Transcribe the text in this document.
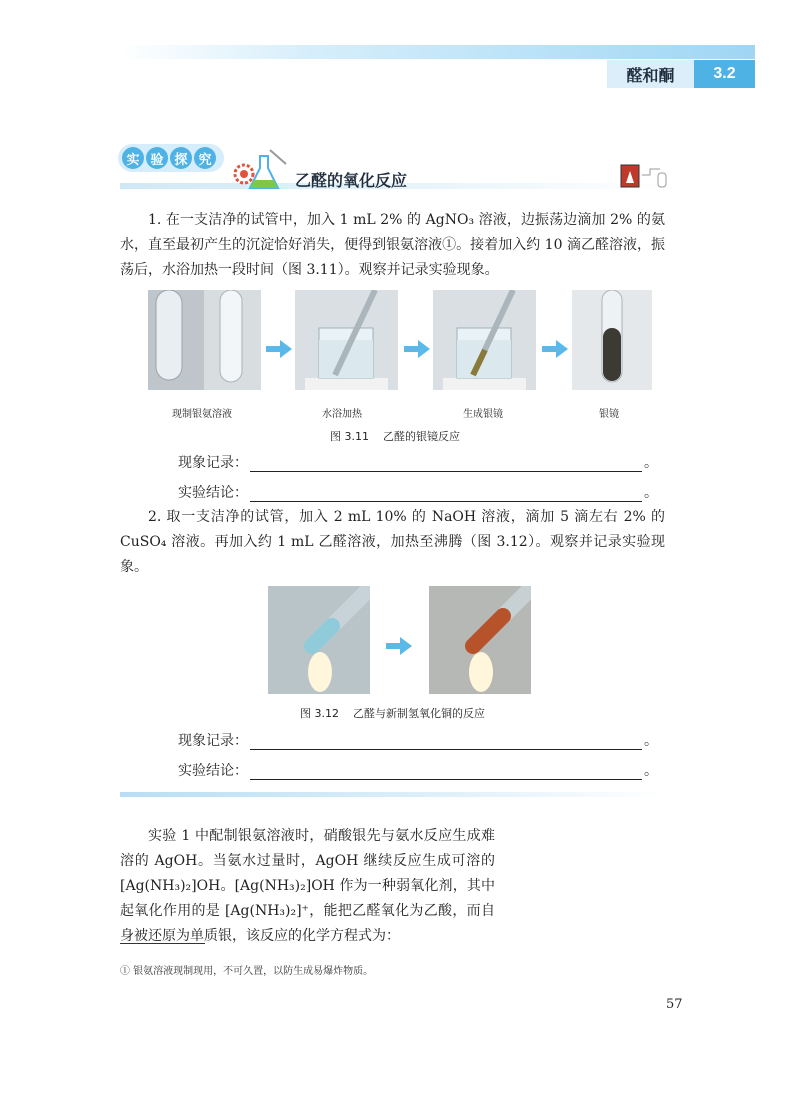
醛和酮	3.2
实 验 探 究
乙醛的氧化反应
1. 在一支洁净的试管中，加入 1 mL 2% 的 AgNO₃ 溶液，边振荡边滴加 2% 的氨水，直至最初产生的沉淀恰好消失，便得到银氨溶液①。接着加入约 10 滴乙醛溶液，振荡后，水浴加热一段时间（图 3.11）。观察并记录实验现象。
现制银氨溶液	水浴加热	生成银镜	银镜
图 3.11    乙醛的银镜反应
现象记录：	。
实验结论：	。
2. 取一支洁净的试管，加入 2 mL 10% 的 NaOH 溶液，滴加 5 滴左右 2% 的 CuSO₄ 溶液。再加入约 1 mL 乙醛溶液，加热至沸腾（图 3.12）。观察并记录实验现象。
图 3.12    乙醛与新制氢氧化铜的反应
现象记录：	。
实验结论：	。
实验 1 中配制银氨溶液时，硝酸银先与氨水反应生成难溶的 AgOH。当氨水过量时，AgOH 继续反应生成可溶的 [Ag(NH₃)₂]OH。[Ag(NH₃)₂]OH 作为一种弱氧化剂，其中起氧化作用的是 [Ag(NH₃)₂]⁺，能把乙醛氧化为乙酸，而自身被还原为单质银，该反应的化学方程式为：
① 银氨溶液现制现用，不可久置，以防生成易爆炸物质。
57
